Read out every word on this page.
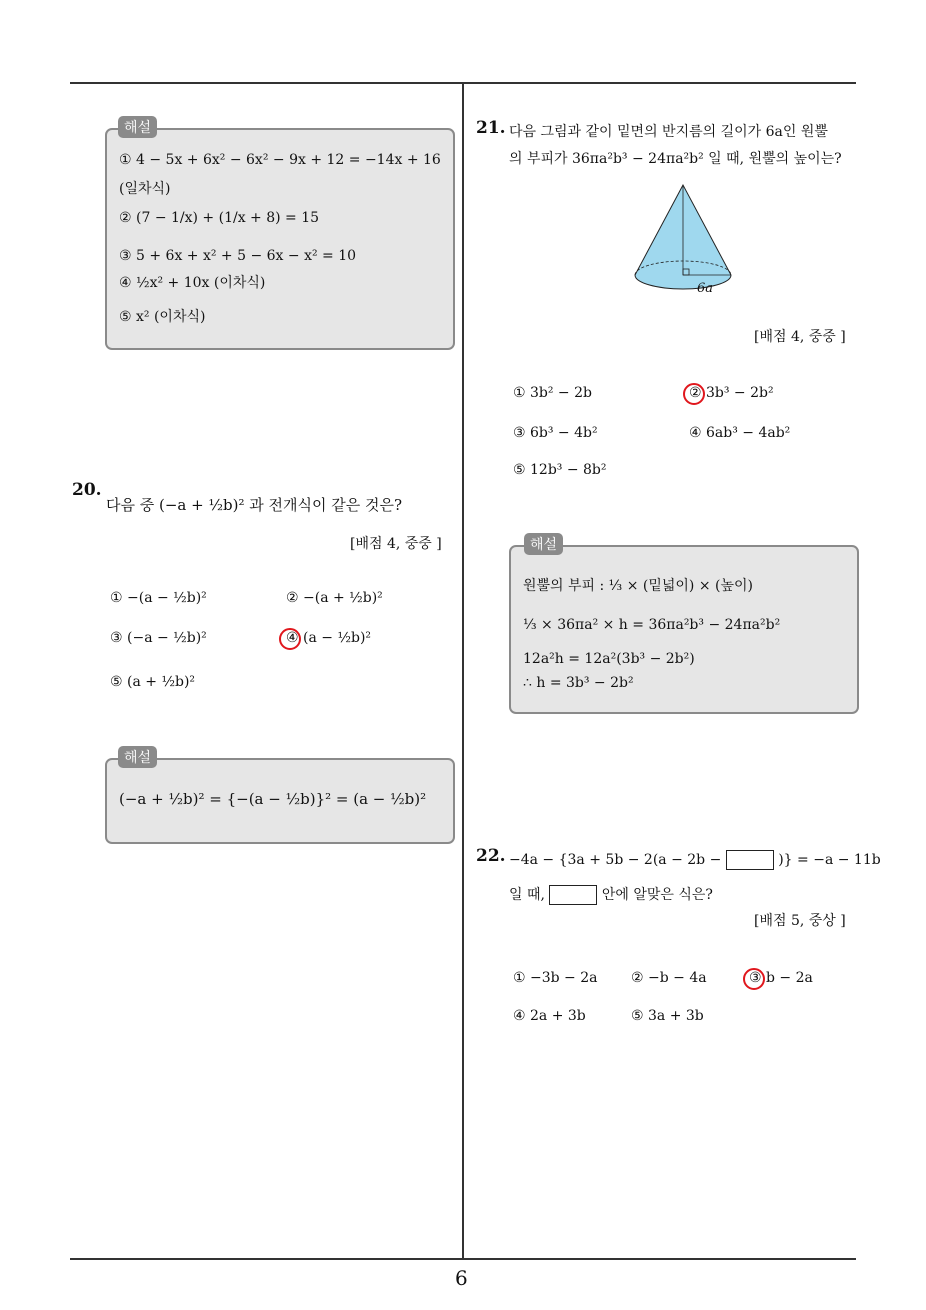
6
① 4 − 5x + 6x² − 6x² − 9x + 12 = −14x + 16
(일차식)
② (7 − 1/x) + (1/x + 8) = 15
③ 5 + 6x + x² + 5 − 6x − x² = 10
④ ½x² + 10x (이차식)
⑤ x² (이차식)
해설
20.
다음 중 (−a + ½b)² 과 전개식이 같은 것은?
[배점 4, 중중 ]
① −(a − ½b)²	② −(a + ½b)²
③ (−a − ½b)²	④ (a − ½b)²
⑤ (a + ½b)²
(−a + ½b)² = {−(a − ½b)}² = (a − ½b)²
해설
21. 다음 그림과 같이 밑면의 반지름의 길이가 6a인 원뿔
의 부피가 36πa²b³ − 24πa²b² 일 때, 원뿔의 높이는?
6a
[배점 4, 중중 ]
① 3b² − 2b	② 3b³ − 2b²
③ 6b³ − 4b²	④ 6ab³ − 4ab²
⑤ 12b³ − 8b²
원뿔의 부피 : ⅓ × (밑넓이) × (높이)
⅓ × 36πa² × h = 36πa²b³ − 24πa²b²
12a²h = 12a²(3b³ − 2b²)
∴ h = 3b³ − 2b²
해설
22. −4a − {3a + 5b − 2(a − 2b −	)} = −a − 11b
일 때,	안에 알맞은 식은?
[배점 5, 중상 ]
① −3b − 2a ② −b − 4a	③ b − 2a
④ 2a + 3b	⑤ 3a + 3b
